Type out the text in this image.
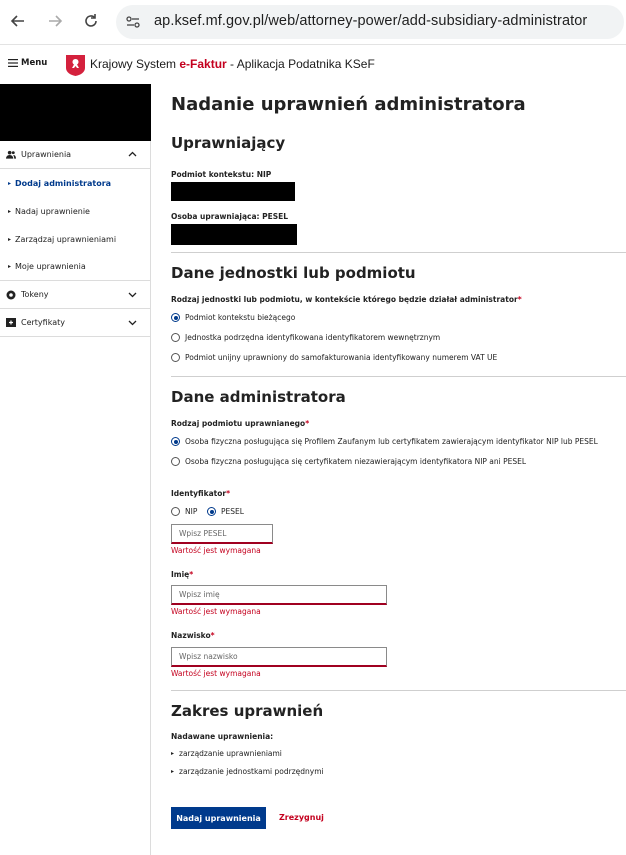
ap.ksef.mf.gov.pl/web/attorney-power/add-subsidiary-administrator
Menu	Krajowy System e-Faktur - Aplikacja Podatnika KSeF
Uprawnienia
▸ Dodaj administratora
▸ Nadaj uprawnienie
▸ Zarządzaj uprawnieniami
▸ Moje uprawnienia
Tokeny
Certyfikaty
Nadanie uprawnień administratora
Uprawniający
Podmiot kontekstu: NIP
Osoba uprawniająca: PESEL
Dane jednostki lub podmiotu
Rodzaj jednostki lub podmiotu, w kontekście którego będzie działał administrator*
Podmiot kontekstu bieżącego
Jednostka podrzędna identyfikowana identyfikatorem wewnętrznym
Podmiot unijny uprawniony do samofakturowania identyfikowany numerem VAT UE
Dane administratora
Rodzaj podmiotu uprawnianego*
Osoba fizyczna posługująca się Profilem Zaufanym lub certyfikatem zawierającym identyfikator NIP lub PESEL
Osoba fizyczna posługująca się certyfikatem niezawierającym identyfikatora NIP ani PESEL
Identyfikator*
NIP	PESEL
Wpisz PESEL
Wartość jest wymagana
Imię*
Wpisz imię
Wartość jest wymagana
Nazwisko*
Wpisz nazwisko
Wartość jest wymagana
Zakres uprawnień
Nadawane uprawnienia:
▸ zarządzanie uprawnieniami
▸ zarządzanie jednostkami podrzędnymi
Nadaj uprawnienia	Zrezygnuj
